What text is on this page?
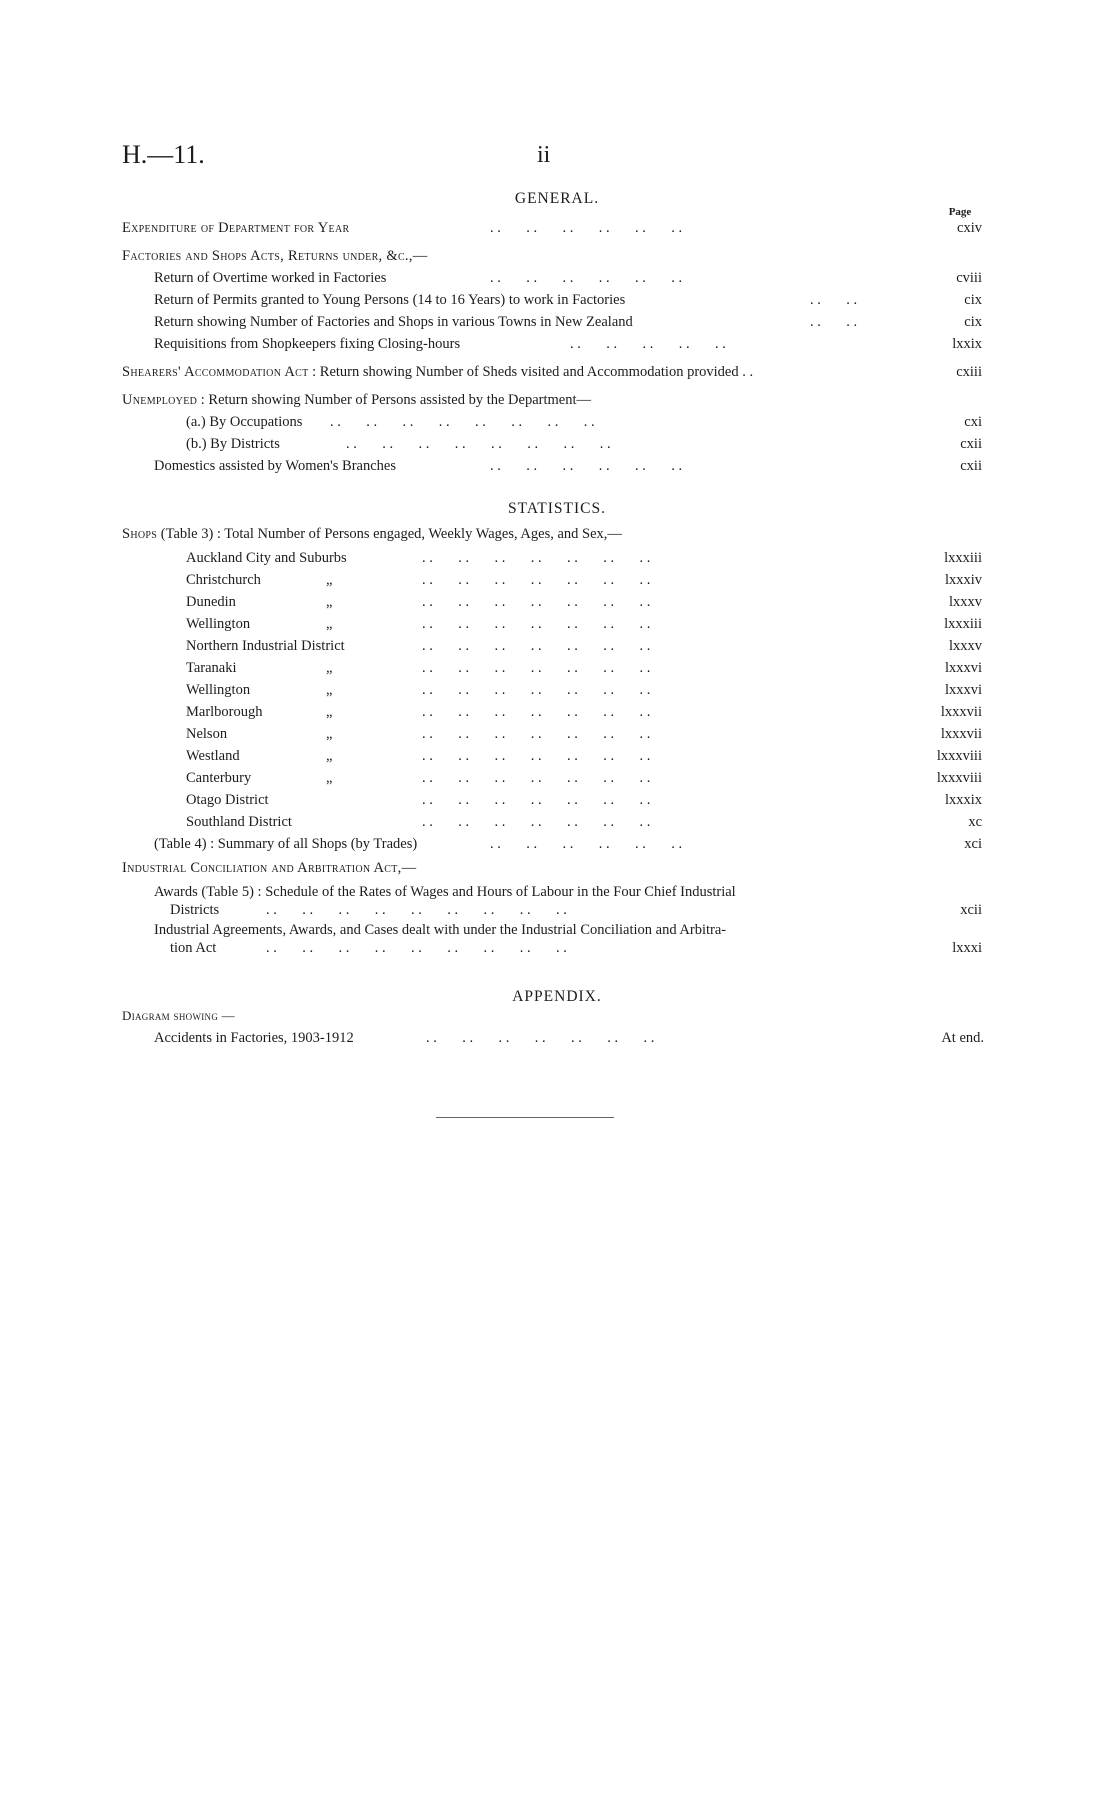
H.—11.	ii
GENERAL.
Page
Expenditure of Department for Year	. .       . .       . .       . .       . .       . .	cxiv
Factories and Shops Acts, Returns under, &c.,—
Return of Overtime worked in Factories	. .       . .       . .       . .       . .       . .	cviii
Return of Permits granted to Young Persons (14 to 16 Years) to work in Factories	. .       . .	cix
Return showing Number of Factories and Shops in various Towns in New Zealand	. .       . .	cix
Requisitions from Shopkeepers fixing Closing-hours	. .       . .       . .       . .       . .	lxxix
Shearers' Accommodation Act : Return showing Number of Sheds visited and Accommodation provided . .	cxiii
Unemployed : Return showing Number of Persons assisted by the Department—
(a.) By Occupations . .       . .       . .       . .       . .       . .       . .       . .	cxi
(b.) By Districts	. .       . .       . .       . .       . .       . .       . .       . .	cxii
Domestics assisted by Women's Branches	. .       . .       . .       . .       . .       . .	cxii
STATISTICS.
Shops (Table 3) : Total Number of Persons engaged, Weekly Wages, Ages, and Sex,—
Auckland City and Suburbs	. .       . .       . .       . .       . .       . .       . .	lxxxiii
Christchurch	„	. .       . .       . .       . .       . .       . .       . .	lxxxiv
Dunedin	„	. .       . .       . .       . .       . .       . .       . .	lxxxv
Wellington	„	. .       . .       . .       . .       . .       . .       . .	lxxxiii
Northern Industrial District	. .       . .       . .       . .       . .       . .       . .	lxxxv
Taranaki	„	. .       . .       . .       . .       . .       . .       . .	lxxxvi
Wellington	„	. .       . .       . .       . .       . .       . .       . .	lxxxvi
Marlborough	„	. .       . .       . .       . .       . .       . .       . .	lxxxvii
Nelson	„	. .       . .       . .       . .       . .       . .       . .	lxxxvii
Westland	„	. .       . .       . .       . .       . .       . .       . .	lxxxviii
Canterbury	„	. .       . .       . .       . .       . .       . .       . .	lxxxviii
Otago District	. .       . .       . .       . .       . .       . .       . .	lxxxix
Southland District	. .       . .       . .       . .       . .       . .       . .	xc
(Table 4) : Summary of all Shops (by Trades)	. .       . .       . .       . .       . .       . .	xci
Industrial Conciliation and Arbitration Act,—
Awards (Table 5) : Schedule of the Rates of Wages and Hours of Labour in the Four Chief Industrial
Districts	. .       . .       . .       . .       . .       . .       . .       . .       . .	xcii
Industrial Agreements, Awards, and Cases dealt with under the Industrial Conciliation and Arbitra-
tion Act	. .       . .       . .       . .       . .       . .       . .       . .       . .	lxxxi
APPENDIX.
Diagram showing —
Accidents in Factories, 1903-1912	. .       . .       . .       . .       . .       . .       . .	At end.
